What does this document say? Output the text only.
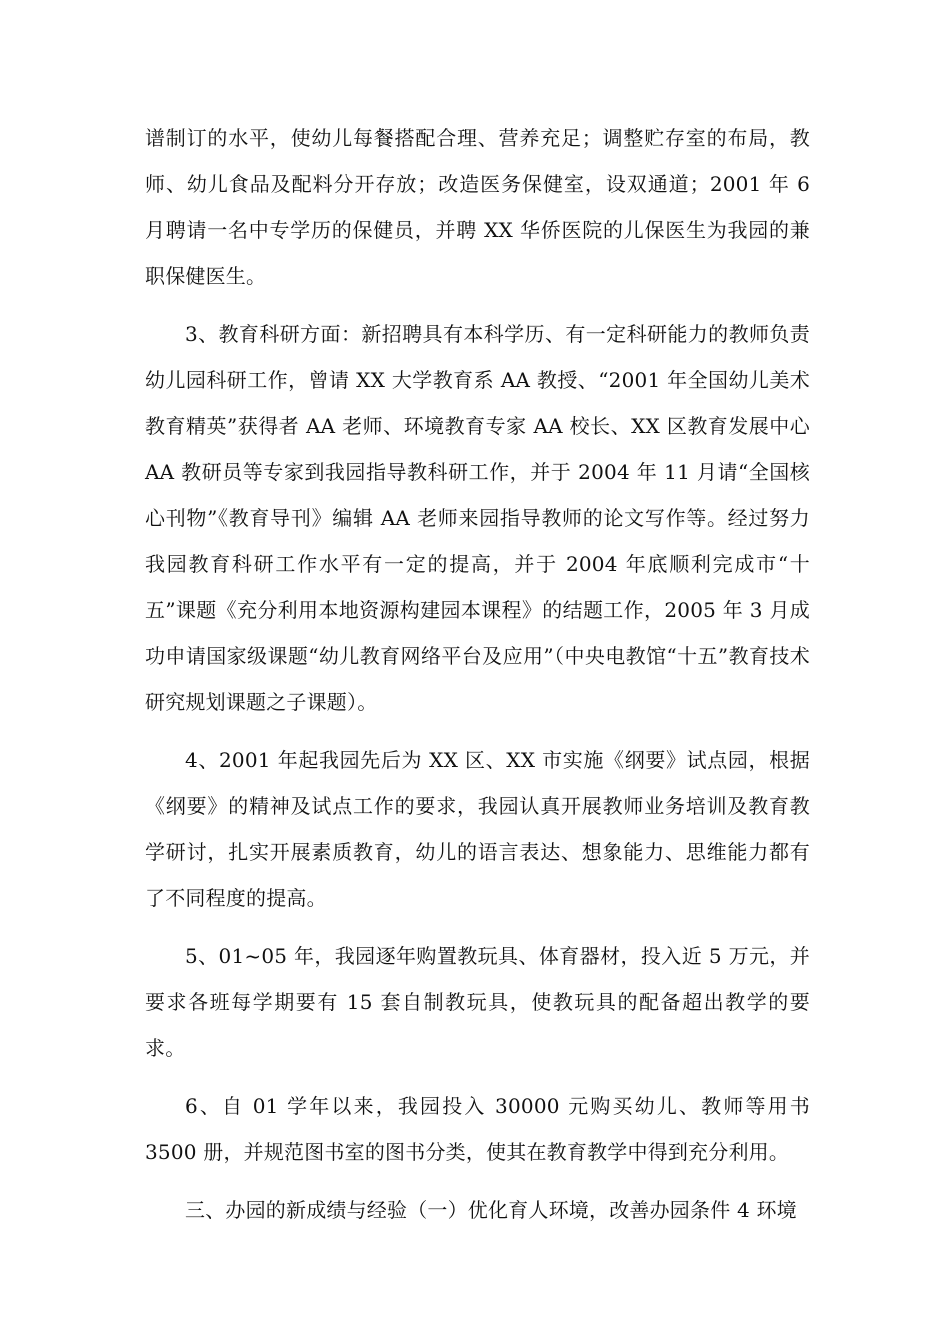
谱制订的水平，使幼儿每餐搭配合理、营养充足；调整贮存室的布局，教师、幼儿食品及配料分开存放；改造医务保健室，设双通道；2001 年 6 月聘请一名中专学历的保健员，并聘 XX 华侨医院的儿保医生为我园的兼职保健医生。

3、教育科研方面：新招聘具有本科学历、有一定科研能力的教师负责幼儿园科研工作，曾请 XX 大学教育系 AA 教授、“2001 年全国幼儿美术教育精英”获得者 AA 老师、环境教育专家 AA 校长、XX 区教育发展中心 AA 教研员等专家到我园指导教科研工作，并于 2004 年 11 月请“全国核心刊物”《教育导刊》编辑 AA 老师来园指导教师的论文写作等。经过努力我园教育科研工作水平有一定的提高，并于 2004 年底顺利完成市“十五”课题《充分利用本地资源构建园本课程》的结题工作，2005 年 3 月成功申请国家级课题“幼儿教育网络平台及应用”（中央电教馆“十五”教育技术研究规划课题之子课题）。

4、2001 年起我园先后为 XX 区、XX 市实施《纲要》试点园，根据《纲要》的精神及试点工作的要求，我园认真开展教师业务培训及教育教学研讨，扎实开展素质教育，幼儿的语言表达、想象能力、思维能力都有了不同程度的提高。

5、01~05 年，我园逐年购置教玩具、体育器材，投入近 5 万元，并要求各班每学期要有 15 套自制教玩具，使教玩具的配备超出教学的要求。

6、自 01 学年以来，我园投入 30000 元购买幼儿、教师等用书 3500 册，并规范图书室的图书分类，使其在教育教学中得到充分利用。

三、办园的新成绩与经验（一）优化育人环境，改善办园条件 4 环境
